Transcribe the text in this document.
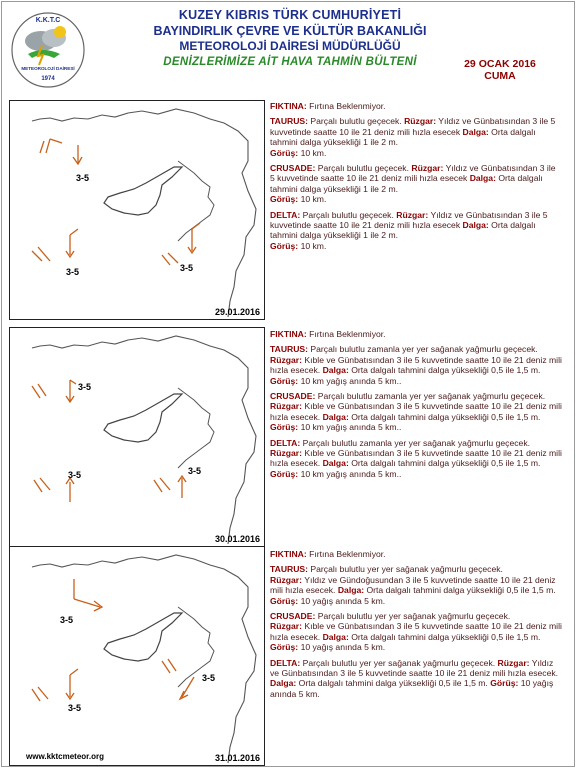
K.K.T.C
METEOROLOJİ DAİRESİ
1974
KUZEY KIBRIS TÜRK CUMHURİYETİ
BAYINDIRLIK ÇEVRE VE KÜLTÜR BAKANLIĞI
METEOROLOJİ DAİRESİ MÜDÜRLÜĞÜ
DENİZLERİMİZE AİT HAVA TAHMİN BÜLTENİ	29 OCAK 2016
CUMA
3-5
3-5	3-5
29.01.2016
3-5
3-5	3-5
30.01.2016
3-5
3-5
3-5
www.kktcmeteor.org	31.01.2016

FIKTINA: Fırtına Beklenmiyor.

TAURUS: Parçalı bulutlu geçecek. Rüzgar: Yıldız ve Günbatısından 3 ile 5 kuvvetinde saatte 10 ile 21 deniz mili hızla esecek Dalga: Orta dalgalı tahmini dalga yüksekliği 1 ile 2 m.
Görüş: 10 km.

CRUSADE: Parçalı bulutlu geçecek. Rüzgar: Yıldız ve Günbatısından 3 ile 5 kuvvetinde saatte 10 ile 21 deniz mili hızla esecek Dalga: Orta dalgalı tahmini dalga yüksekliği 1 ile 2 m.
Görüş: 10 km.

DELTA: Parçalı bulutlu geçecek. Rüzgar: Yıldız ve Günbatısından 3 ile 5 kuvvetinde saatte 10 ile 21 deniz mili hızla esecek Dalga: Orta dalgalı tahmini dalga yüksekliği 1 ile 2 m.
Görüş: 10 km.

FIKTINA: Fırtına Beklenmiyor.

TAURUS: Parçalı bulutlu zamanla yer yer sağanak yağmurlu geçecek. Rüzgar: Kıble ve Günbatısından 3 ile 5 kuvvetinde saatte 10 ile 21 deniz mili hızla esecek. Dalga: Orta dalgalı tahmini dalga yüksekliği 0,5 ile 1,5 m. Görüş: 10 km yağış anında 5 km..

CRUSADE: Parçalı bulutlu zamanla yer yer sağanak yağmurlu geçecek. Rüzgar: Kıble ve Günbatısından 3 ile 5 kuvvetinde saatte 10 ile 21 deniz mili hızla esecek. Dalga: Orta dalgalı tahmini dalga yüksekliği 0,5 ile 1,5 m. Görüş: 10 km yağış anında 5 km..

DELTA: Parçalı bulutlu zamanla yer yer sağanak yağmurlu geçecek. Rüzgar: Kıble ve Günbatısından 3 ile 5 kuvvetinde saatte 10 ile 21 deniz mili hızla esecek. Dalga: Orta dalgalı tahmini dalga yüksekliği 0,5 ile 1,5 m. Görüş: 10 km yağış anında 5 km..

FIKTINA: Fırtına Beklenmiyor.

TAURUS: Parçalı bulutlu yer yer sağanak yağmurlu geçecek.
Rüzgar: Yıldız ve Gündoğusundan 3 ile 5 kuvvetinde saatte 10 ile 21 deniz mili hızla esecek. Dalga: Orta dalgalı tahmini dalga yüksekliği 0,5 ile 1,5 m. Görüş: 10 yağış anında 5 km.

CRUSADE: Parçalı bulutlu yer yer sağanak yağmurlu geçecek.
Rüzgar: Kıble ve Günbatısından 3 ile 5 kuvvetinde saatte 10 ile 21 deniz mili hızla esecek. Dalga: Orta dalgalı tahmini dalga yüksekliği 0,5 ile 1,5 m. Görüş: 10 yağış anında 5 km.

DELTA: Parçalı bulutlu yer yer sağanak yağmurlu geçecek. Rüzgar: Yıldız ve Günbatısından 3 ile 5 kuvvetinde saatte 10 ile 21 deniz mili hızla esecek. Dalga: Orta dalgalı tahmini dalga yüksekliği 0,5 ile 1,5 m. Görüş: 10 yağış anında 5 km.
